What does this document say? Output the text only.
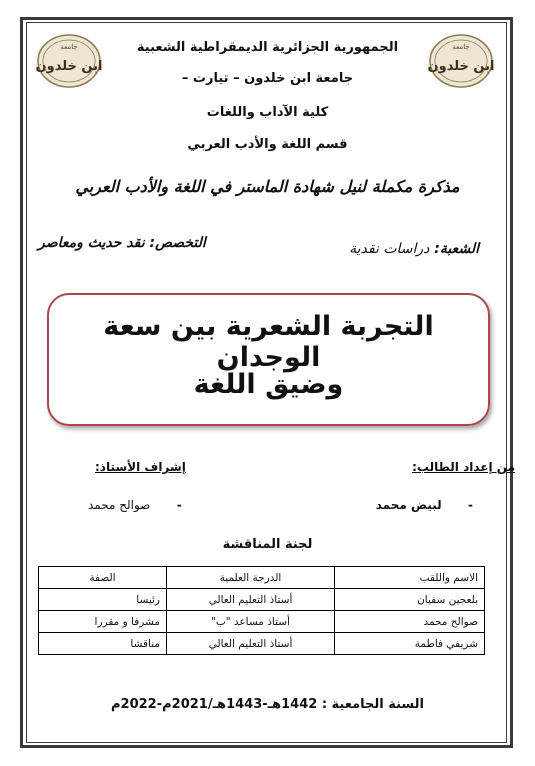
جامعة
ابن خلدون
جامعة
ابن خلدون
الجمهورية الجزائرية الديمقراطية الشعبية
جامعة ابن خلدون – تيارت –
كلية الآداب واللغات
قسم اللغة والأدب العربي
مذكرة مكملة لنيل شهادة الماستر في اللغة والأدب العربي
الشعبة: دراسات نقدية
التخصص: نقد حديث ومعاصر
التجربة الشعرية بين سعة الوجدان
وضيق اللغة
من إعداد الطالب:
-  لبيض محمد
إشراف الأستاذ:
-  صوالح محمد
لجنة المناقشة
الاسم واللقب	الدرجة العلمية	الصفة
بلعجين سفيان	أستاذ التعليم العالي	رئيسا
صوالح محمد	أستاذ مساعد "ب"	مشرفا و مقررا
شريفي فاطمة	أستاذ التعليم العالي	مناقشا
السنة الجامعية : 1442هـ-1443هـ/2021م-2022م
